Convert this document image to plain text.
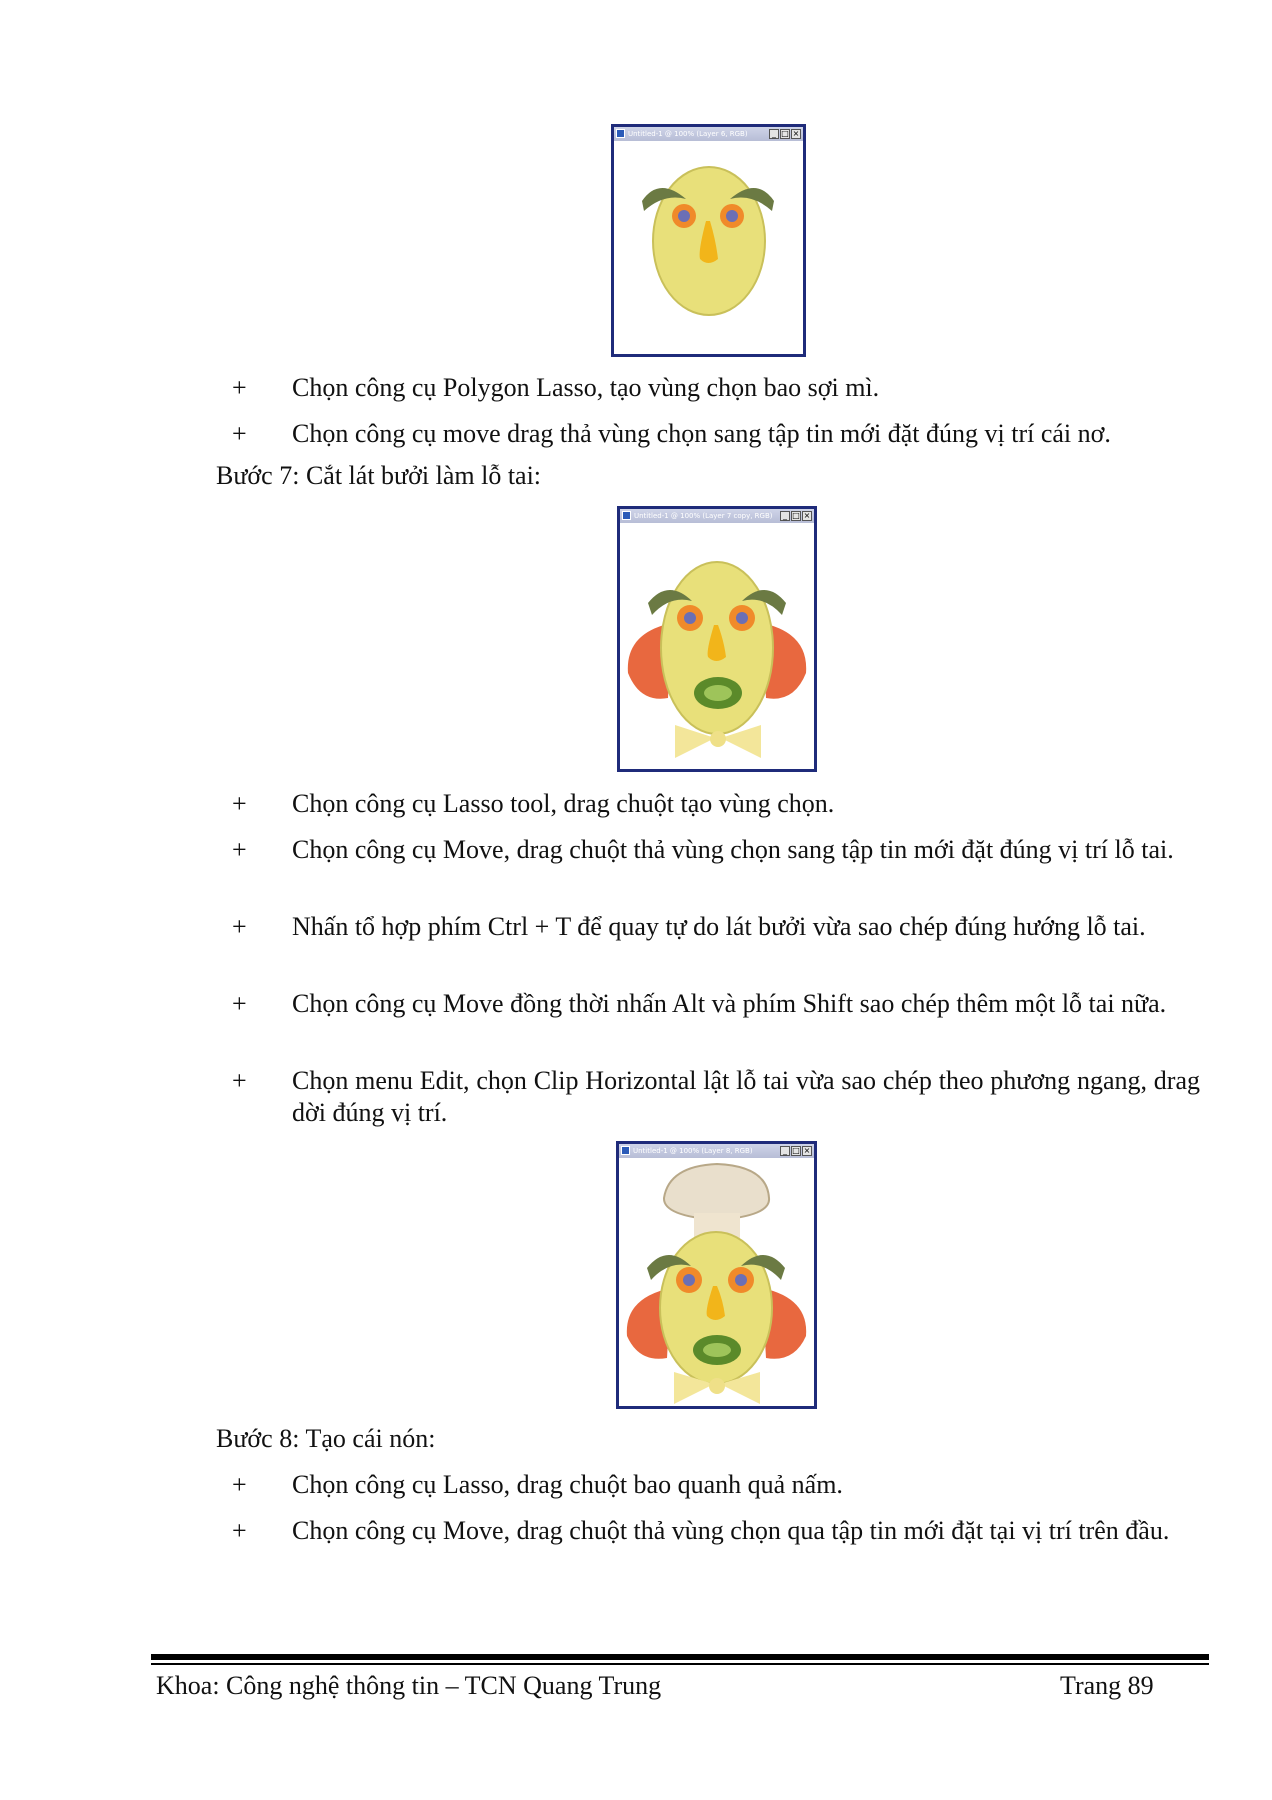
Untitled-1 @ 100% (Layer 6, RGB)	_ □ ×
+	Chọn công cụ Polygon Lasso, tạo vùng chọn bao sợi mì.
+	Chọn công cụ move drag thả vùng chọn sang tập tin mới đặt đúng vị trí cái nơ.
Bước 7: Cắt lát bưởi làm lỗ tai:
Untitled-1 @ 100% (Layer 7 copy, RGB)	_ □ ×
+	Chọn công cụ Lasso tool, drag chuột tạo vùng chọn.
+	Chọn công cụ Move, drag chuột thả vùng chọn sang tập tin mới đặt đúng vị trí lỗ tai.
+	Nhấn tổ hợp phím Ctrl + T để quay tự do lát bưởi vừa sao chép đúng hướng lỗ tai.
+	Chọn công cụ Move đồng thời nhấn Alt và phím Shift sao chép thêm một lỗ tai nữa.
+	Chọn menu Edit, chọn Clip Horizontal lật lỗ tai vừa sao chép theo phương ngang, drag dời đúng vị trí.
Untitled-1 @ 100% (Layer 8, RGB)	_ □ ×
Bước 8: Tạo cái nón:
+	Chọn công cụ Lasso, drag chuột bao quanh quả nấm.
+	Chọn công cụ Move, drag chuột thả vùng chọn qua tập tin mới đặt tại vị trí trên đầu.
Khoa: Công nghệ thông tin – TCN Quang Trung	Trang 89
